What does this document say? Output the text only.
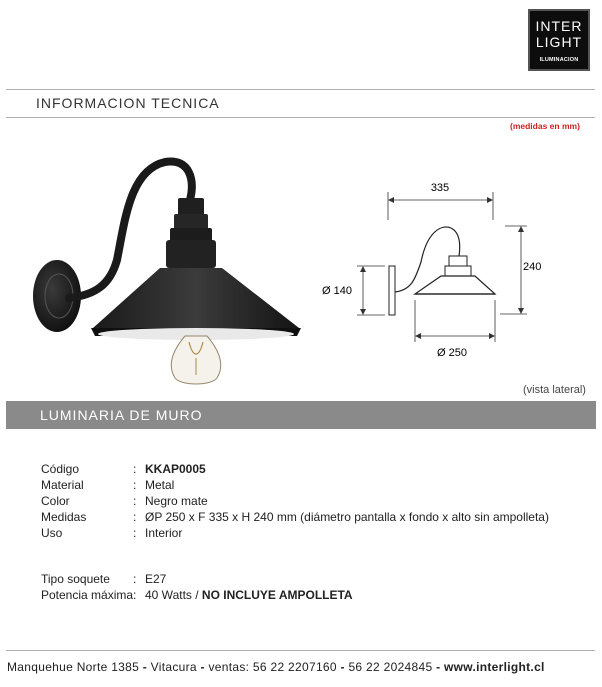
INTER
LIGHT
ILUMINACION
INFORMACION TECNICA
(medidas en mm)
335
240
Ø 140
Ø 250
(vista lateral)
LUMINARIA DE MURO
Código	: KKAP0005
Material	: Metal
Color	: Negro mate
Medidas	: ØP 250 x F 335 x H 240 mm (diámetro pantalla x fondo x alto sin ampolleta)
Uso	: Interior
Tipo soquete : E27
Potencia máxima : 40 Watts / NO INCLUYE AMPOLLETA
Manquehue Norte 1385 - Vitacura - ventas: 56 22 2207160 - 56 22 2024845 - www.interlight.cl
